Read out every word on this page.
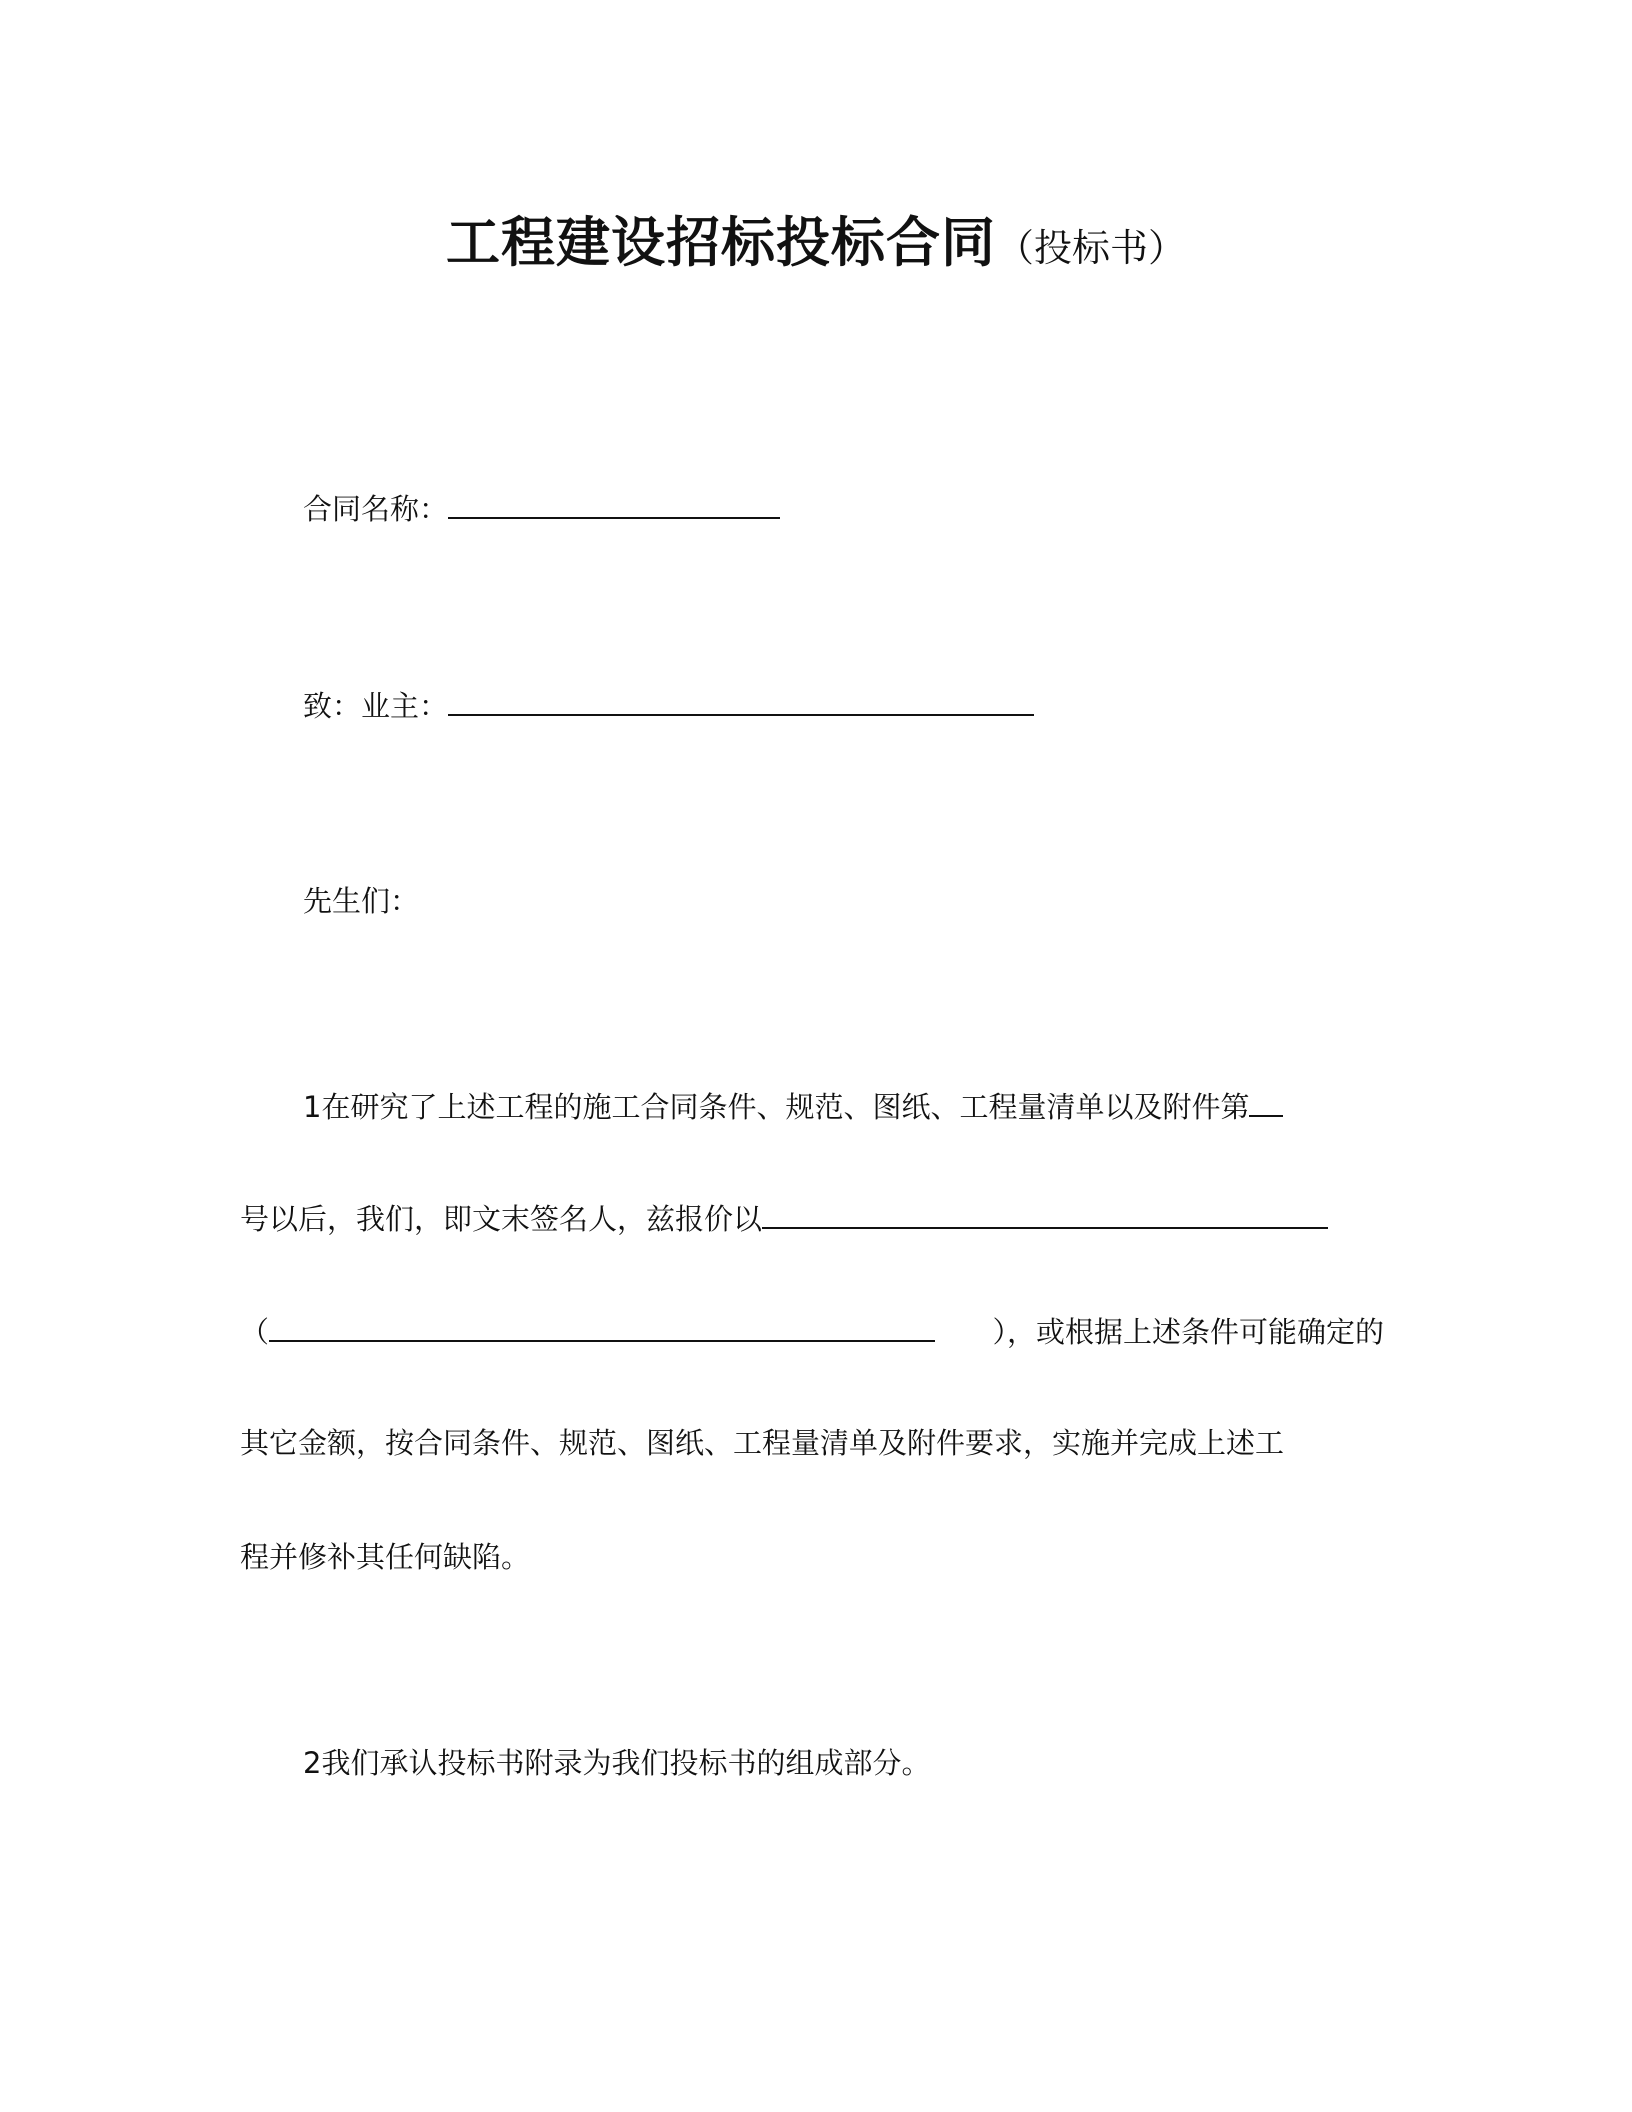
工程建设招标投标合同（投标书）
合同名称：
致：业主：
先生们：
1在研究了上述工程的施工合同条件、规范、图纸、工程量清单以及附件第
号以后，我们，即文末签名人，兹报价以
（	），或根据上述条件可能确定的
其它金额，按合同条件、规范、图纸、工程量清单及附件要求，实施并完成上述工
程并修补其任何缺陷。
2我们承认投标书附录为我们投标书的组成部分。
